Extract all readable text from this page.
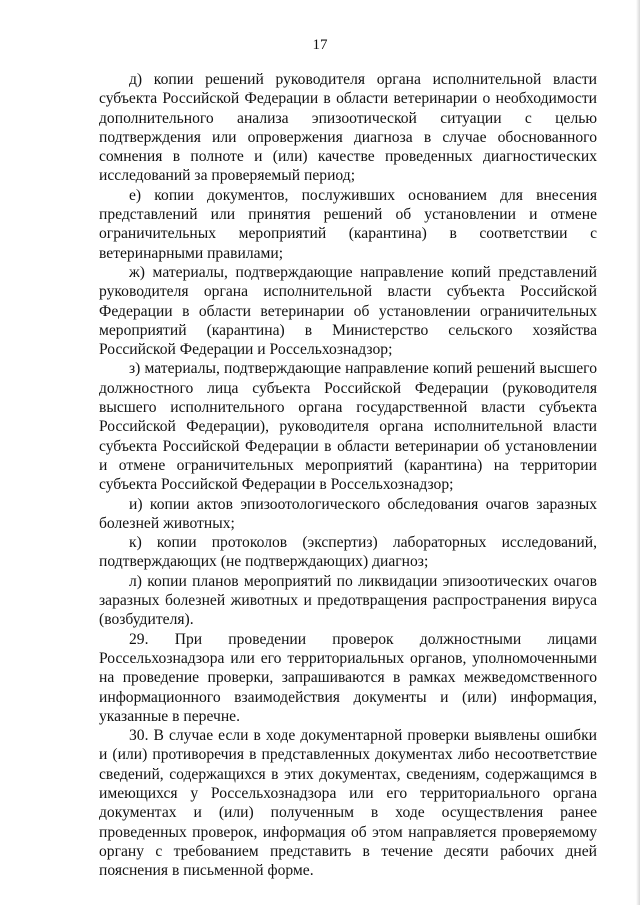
17

д) копии решений руководителя органа исполнительной власти субъекта Российской Федерации в области ветеринарии о необходимости дополнительного анализа эпизоотической ситуации с целью подтверждения или опровержения диагноза в случае обоснованного сомнения в полноте и (или) качестве проведенных диагностических исследований за проверяемый период;

е) копии документов, послуживших основанием для внесения представлений или принятия решений об установлении и отмене ограничительных мероприятий (карантина) в соответствии с ветеринарными правилами;

ж) материалы, подтверждающие направление копий представлений руководителя органа исполнительной власти субъекта Российской Федерации в области ветеринарии об установлении ограничительных мероприятий (карантина) в Министерство сельского хозяйства Российской Федерации и Россельхознадзор;

з) материалы, подтверждающие направление копий решений высшего должностного лица субъекта Российской Федерации (руководителя высшего исполнительного органа государственной власти субъекта Российской Федерации), руководителя органа исполнительной власти субъекта Российской Федерации в области ветеринарии об установлении и отмене ограничительных мероприятий (карантина) на территории субъекта Российской Федерации в Россельхознадзор;

и) копии актов эпизоотологического обследования очагов заразных болезней животных;

к) копии протоколов (экспертиз) лабораторных исследований, подтверждающих (не подтверждающих) диагноз;

л) копии планов мероприятий по ликвидации эпизоотических очагов заразных болезней животных и предотвращения распространения вируса (возбудителя).

29. При проведении проверок должностными лицами Россельхознадзора или его территориальных органов, уполномоченными на проведение проверки, запрашиваются в рамках межведомственного информационного взаимодействия документы и (или) информация, указанные в перечне.

30. В случае если в ходе документарной проверки выявлены ошибки и (или) противоречия в представленных документах либо несоответствие сведений, содержащихся в этих документах, сведениям, содержащимся в имеющихся у Россельхознадзора или его территориального органа документах и (или) полученным в ходе осуществления ранее проведенных проверок, информация об этом направляется проверяемому органу с требованием представить в течение десяти рабочих дней пояснения в письменной форме.
